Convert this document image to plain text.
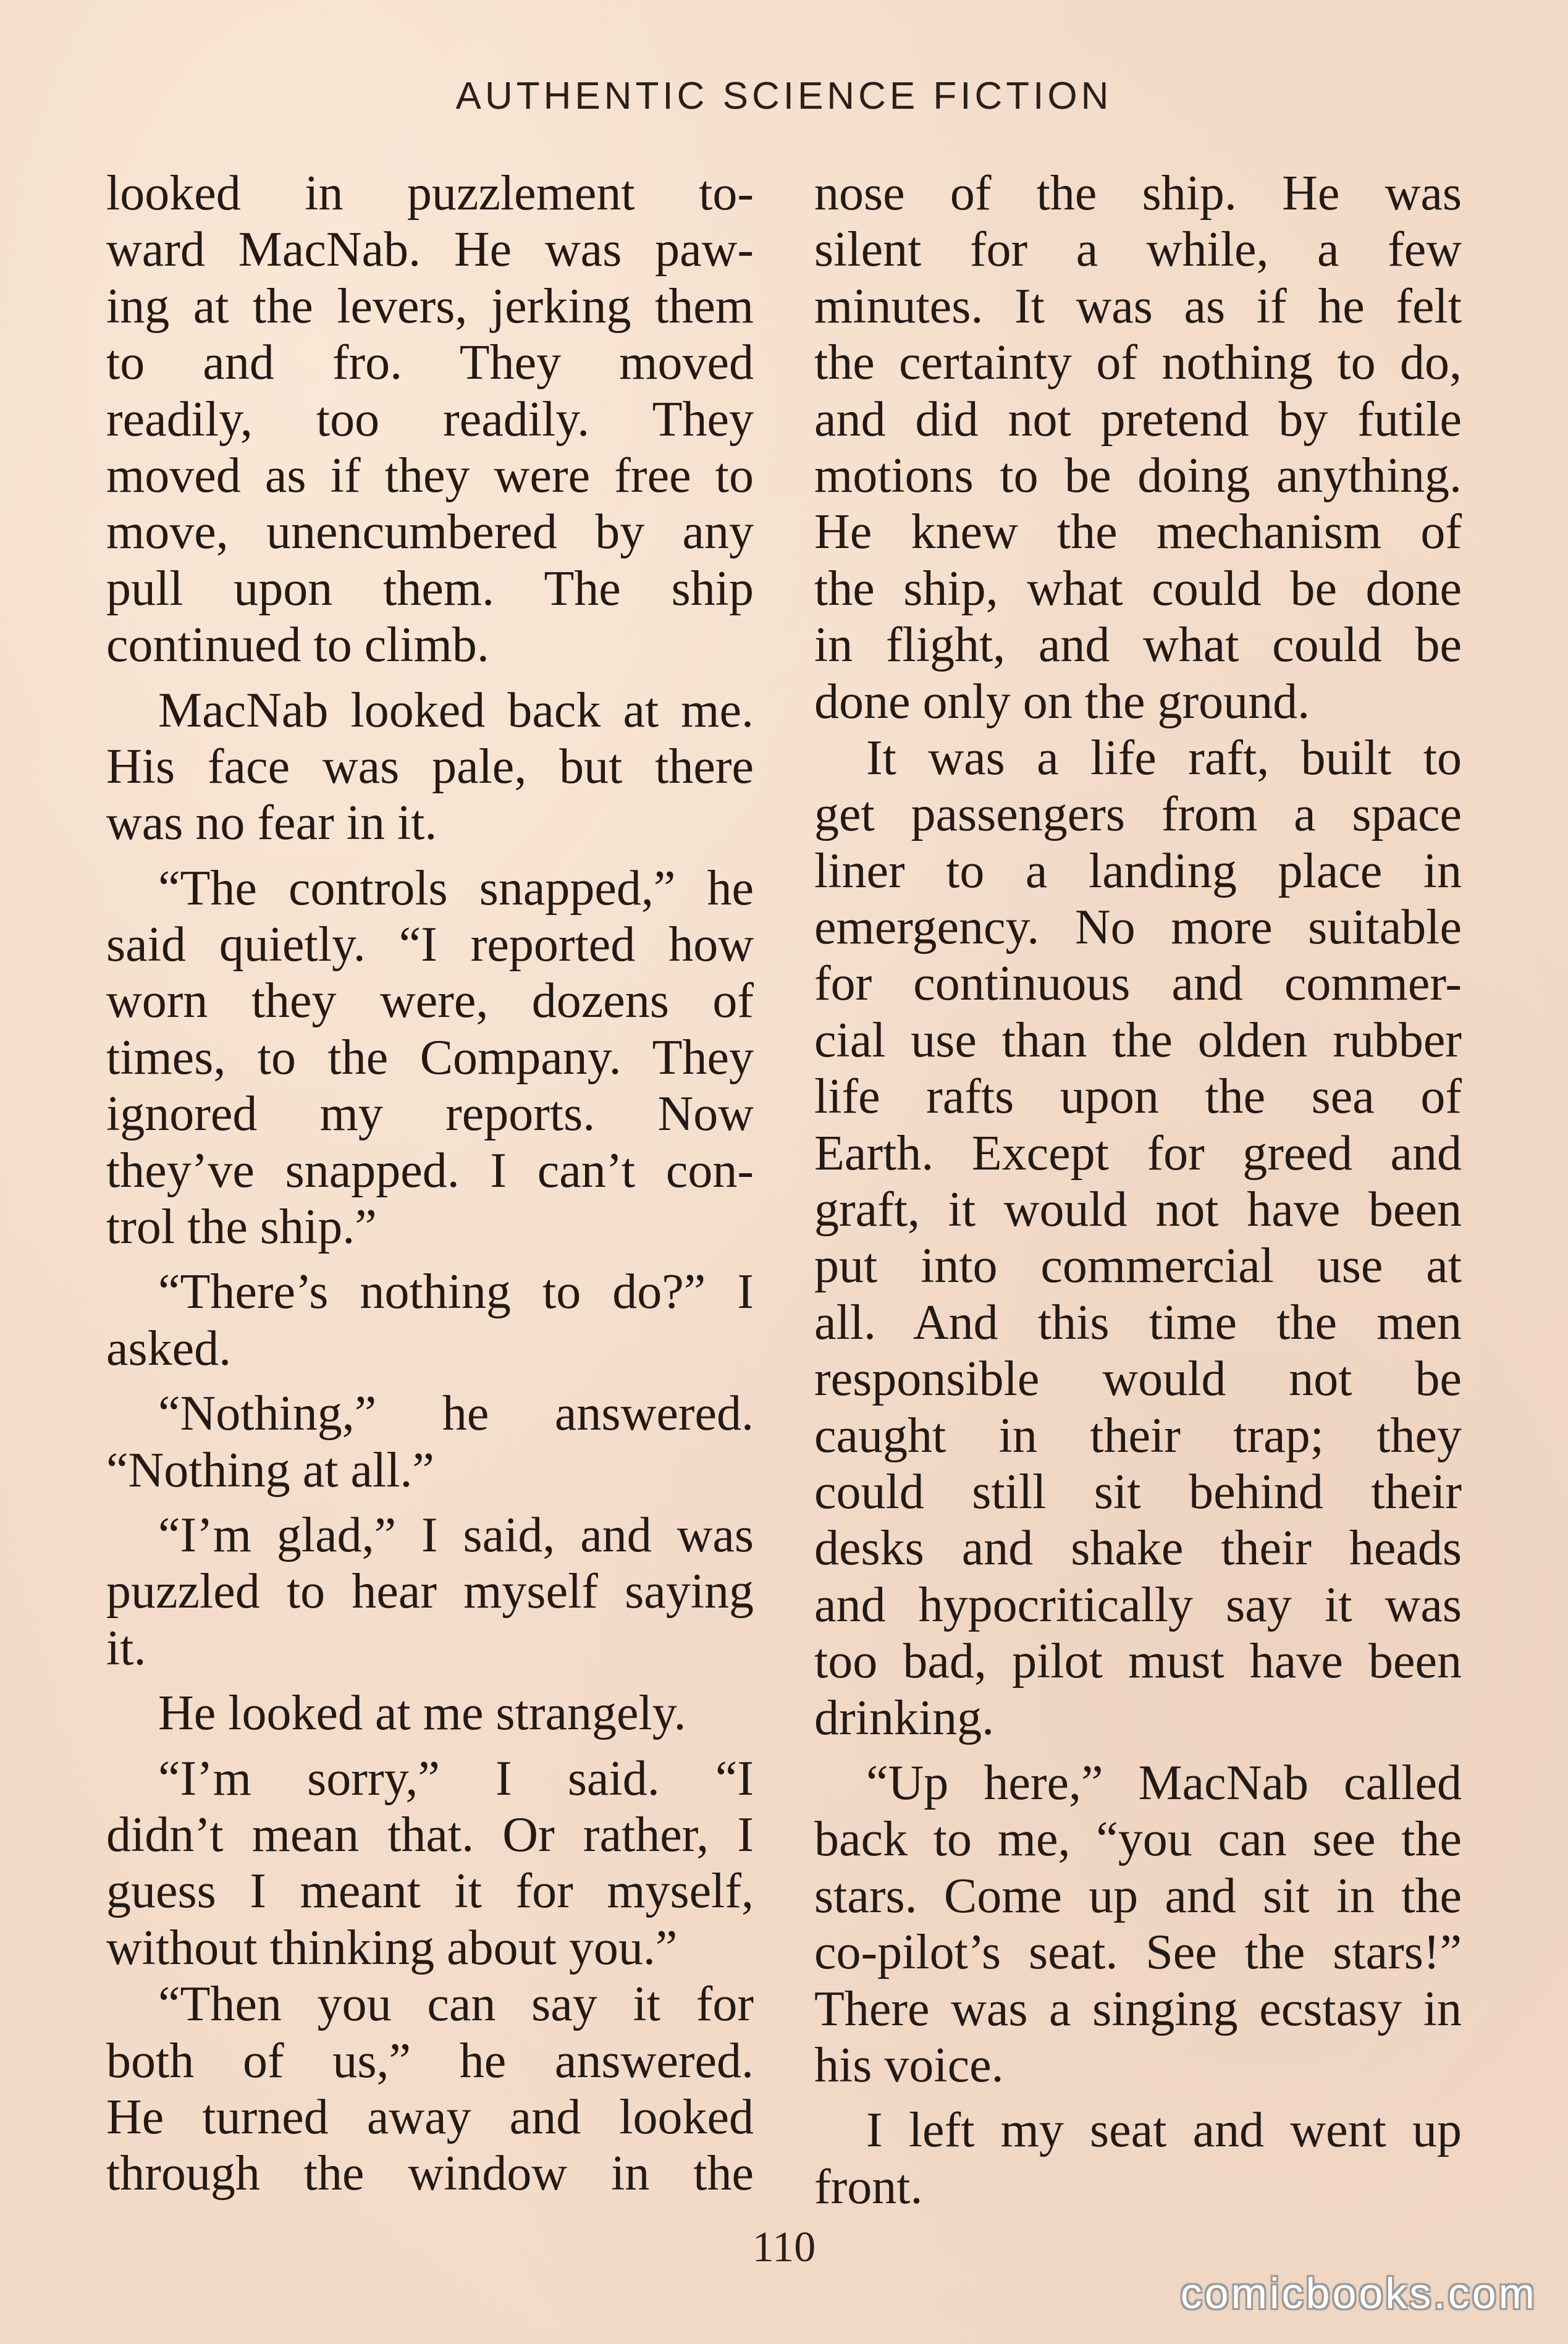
AUTHENTIC SCIENCE FICTION
looked in puzzlement to-
ward MacNab. He was paw-
ing at the levers, jerking them
to and fro. They moved
readily, too readily. They
moved as if they were free to
move, unencumbered by any
pull upon them. The ship
continued to climb.
MacNab looked back at me.
His face was pale, but there
was no fear in it.
“The controls snapped,” he
said quietly. “I reported how
worn they were, dozens of
times, to the Company. They
ignored my reports. Now
they’ve snapped. I can’t con-
trol the ship.”
“There’s nothing to do?” I
asked.
“Nothing,” he answered.
“Nothing at all.”
“I’m glad,” I said, and was
puzzled to hear myself saying
it.
He looked at me strangely.
“I’m sorry,” I said. “I
didn’t mean that. Or rather, I
guess I meant it for myself,
without thinking about you.”
“Then you can say it for
both of us,” he answered.
He turned away and looked
through the window in the
nose of the ship. He was
silent for a while, a few
minutes. It was as if he felt
the certainty of nothing to do,
and did not pretend by futile
motions to be doing anything.
He knew the mechanism of
the ship, what could be done
in flight, and what could be
done only on the ground.
It was a life raft, built to
get passengers from a space
liner to a landing place in
emergency. No more suitable
for continuous and commer-
cial use than the olden rubber
life rafts upon the sea of
Earth. Except for greed and
graft, it would not have been
put into commercial use at
all. And this time the men
responsible would not be
caught in their trap; they
could still sit behind their
desks and shake their heads
and hypocritically say it was
too bad, pilot must have been
drinking.
“Up here,” MacNab called
back to me, “you can see the
stars. Come up and sit in the
co-pilot’s seat. See the stars!”
There was a singing ecstasy in
his voice.
I left my seat and went up
front.
110
comicbooks.com
